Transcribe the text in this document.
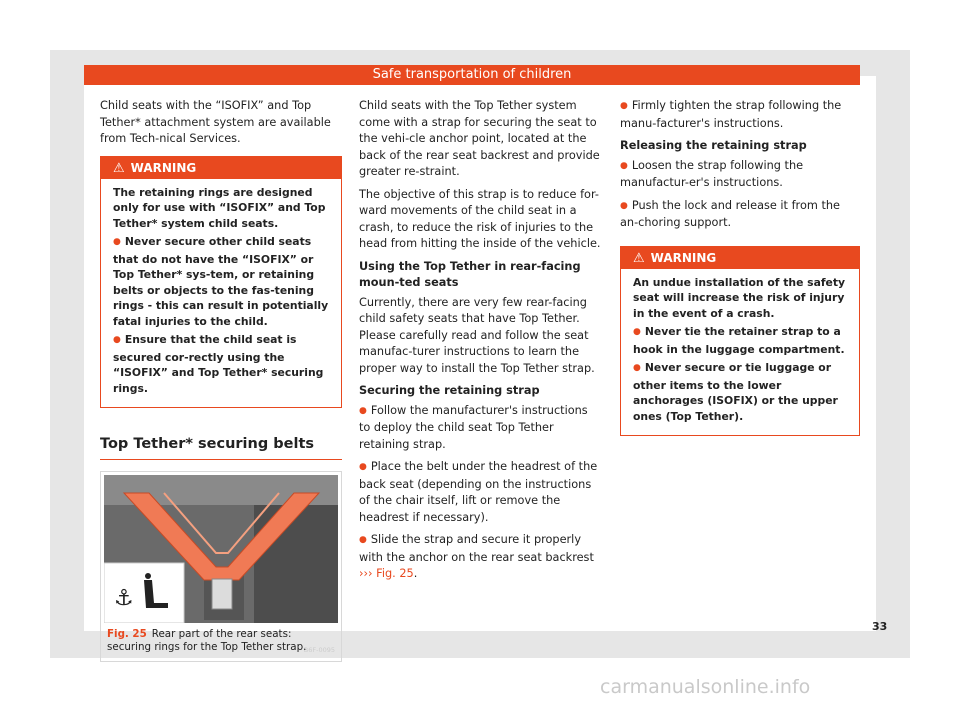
Safe transportation of children

Child seats with the “ISOFIX” and Top Tether* attachment system are available from Tech-nical Services.

⚠ WARNING

The retaining rings are designed only for use with “ISOFIX” and Top Tether* system child seats.

● Never secure other child seats that do not have the “ISOFIX” or Top Tether* sys-tem, or retaining belts or objects to the fas-tening rings - this can result in potentially fatal injuries to the child.

● Ensure that the child seat is secured cor-rectly using the “ISOFIX” and Top Tether* securing rings.

Top Tether* securing belts
⚓
B6F-0095
Fig. 25 Rear part of the rear seats: securing rings for the Top Tether strap.

Child seats with the Top Tether system come with a strap for securing the seat to the vehi-cle anchor point, located at the back of the rear seat backrest and provide greater re-straint.

The objective of this strap is to reduce for-ward movements of the child seat in a crash, to reduce the risk of injuries to the head from hitting the inside of the vehicle.

Using the Top Tether in rear-facing moun-ted seats

Currently, there are very few rear-facing child safety seats that have Top Tether. Please carefully read and follow the seat manufac-turer instructions to learn the proper way to install the Top Tether strap.

Securing the retaining strap

● Follow the manufacturer's instructions to deploy the child seat Top Tether retaining strap.

● Place the belt under the headrest of the back seat (depending on the instructions of the chair itself, lift or remove the headrest if necessary).

● Slide the strap and secure it properly with the anchor on the rear seat backrest
››› Fig. 25.

● Firmly tighten the strap following the manu-facturer's instructions.

Releasing the retaining strap

● Loosen the strap following the manufactur-er's instructions.

● Push the lock and release it from the an-choring support.

⚠ WARNING

An undue installation of the safety seat will increase the risk of injury in the event of a crash.

● Never tie the retainer strap to a hook in the luggage compartment.

● Never secure or tie luggage or other items to the lower anchorages (ISOFIX) or the upper ones (Top Tether).

33
carmanualsonline.info
